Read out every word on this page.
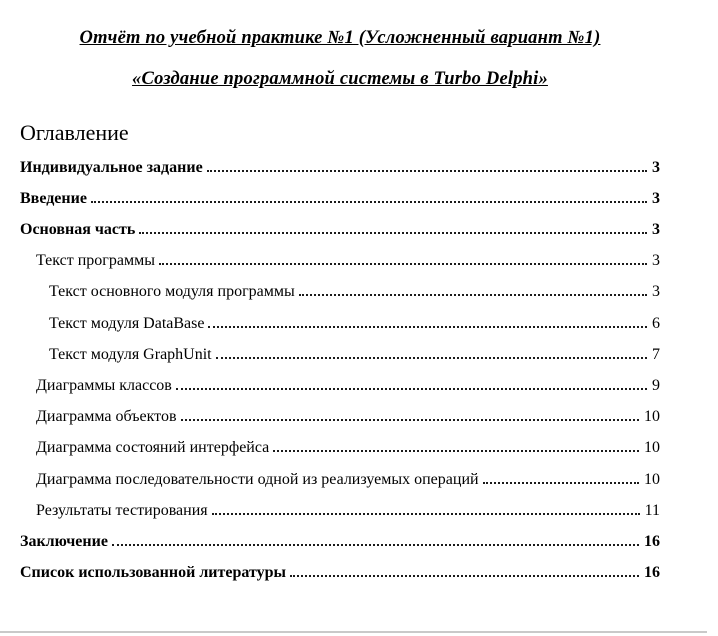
Отчёт по учебной практике №1 (Усложненный вариант №1)
«Создание программной системы в Turbo Delphi»
Оглавление
Индивидуальное задание	3
Введение	3
Основная часть	3
Текст программы	3
Текст основного модуля программы	3
Текст модуля DataBase	6
Текст модуля GraphUnit	7
Диаграммы классов	9
Диаграмма объектов	10
Диаграмма состояний интерфейса	10
Диаграмма последовательности одной из реализуемых операций	10
Результаты тестирования	11
Заключение	16
Список использованной литературы	16
